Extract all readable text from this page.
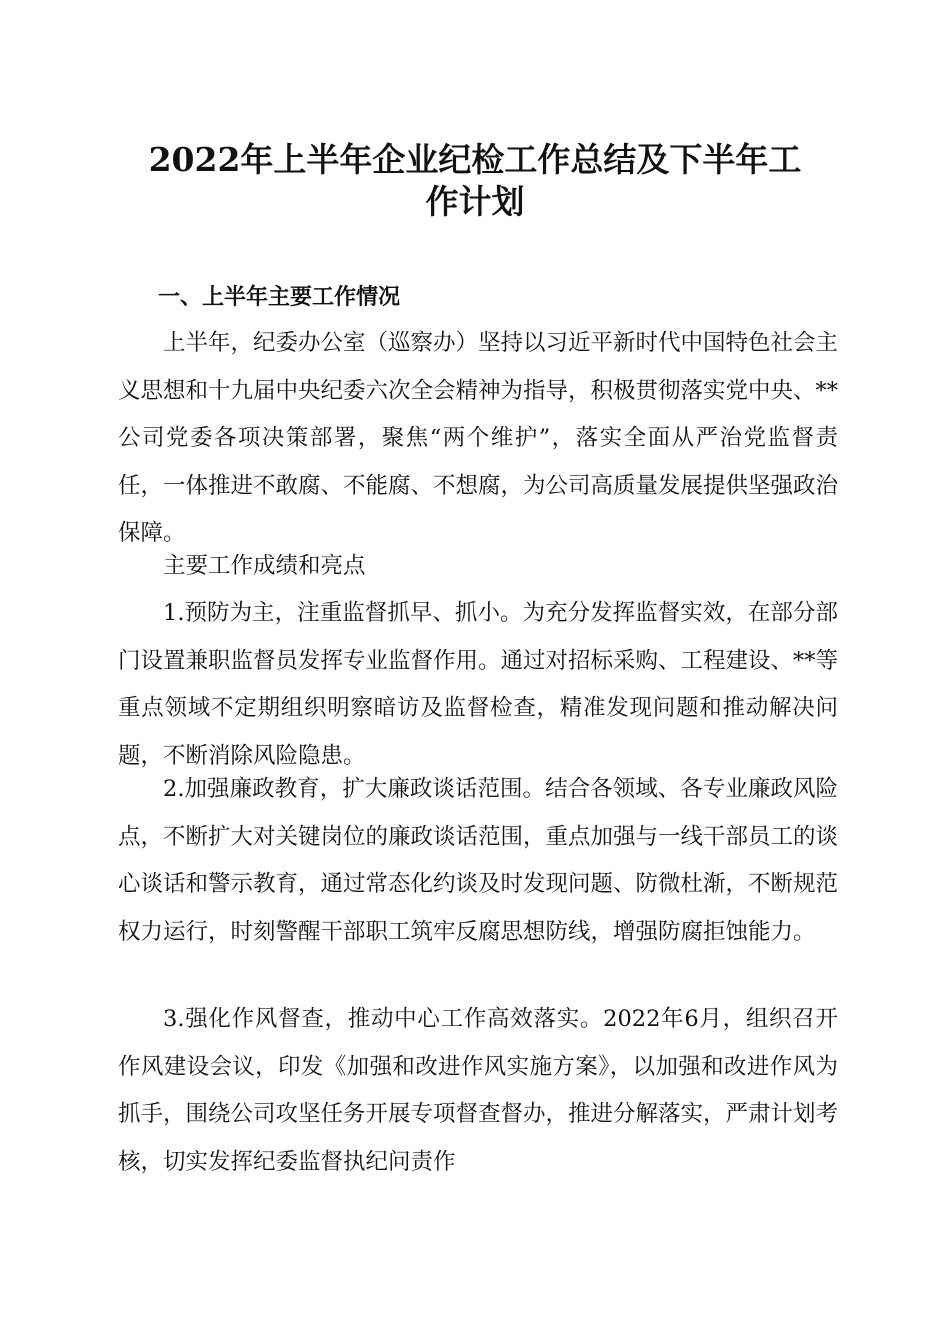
2022年上半年企业纪检工作总结及下半年工
作计划
一、上半年主要工作情况
上半年，纪委办公室（巡察办）坚持以习近平新时代中国特色社会主义思想和十九届中央纪委六次全会精神为指导，积极贯彻落实党中央、**公司党委各项决策部署，聚焦“两个维护”，落实全面从严治党监督责任，一体推进不敢腐、不能腐、不想腐，为公司高质量发展提供坚强政治保障。
主要工作成绩和亮点
1.预防为主，注重监督抓早、抓小。为充分发挥监督实效，在部分部门设置兼职监督员发挥专业监督作用。通过对招标采购、工程建设、**等重点领域不定期组织明察暗访及监督检查，精准发现问题和推动解决问题，不断消除风险隐患。
2.加强廉政教育，扩大廉政谈话范围。结合各领域、各专业廉政风险点，不断扩大对关键岗位的廉政谈话范围，重点加强与一线干部员工的谈心谈话和警示教育，通过常态化约谈及时发现问题、防微杜渐，不断规范权力运行，时刻警醒干部职工筑牢反腐思想防线，增强防腐拒蚀能力。
3.强化作风督查，推动中心工作高效落实。2022年6月，组织召开作风建设会议，印发《加强和改进作风实施方案》，以加强和改进作风为抓手，围绕公司攻坚任务开展专项督查督办，推进分解落实，严肃计划考核，切实发挥纪委监督执纪问责作
